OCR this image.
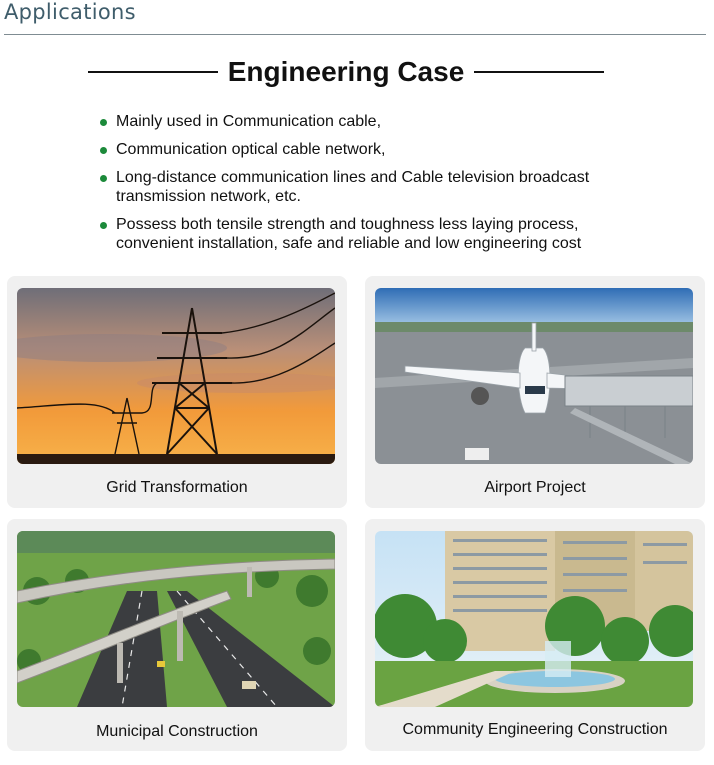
Applications
Engineering Case
Mainly used in Communication cable,
Communication optical cable network,
Long-distance communication lines and Cable television broadcast transmission network, etc.
Possess both tensile strength and toughness less laying process, convenient installation, safe and reliable and low engineering cost
Grid Transformation	Airport Project
Municipal Construction	Community Engineering Construction
